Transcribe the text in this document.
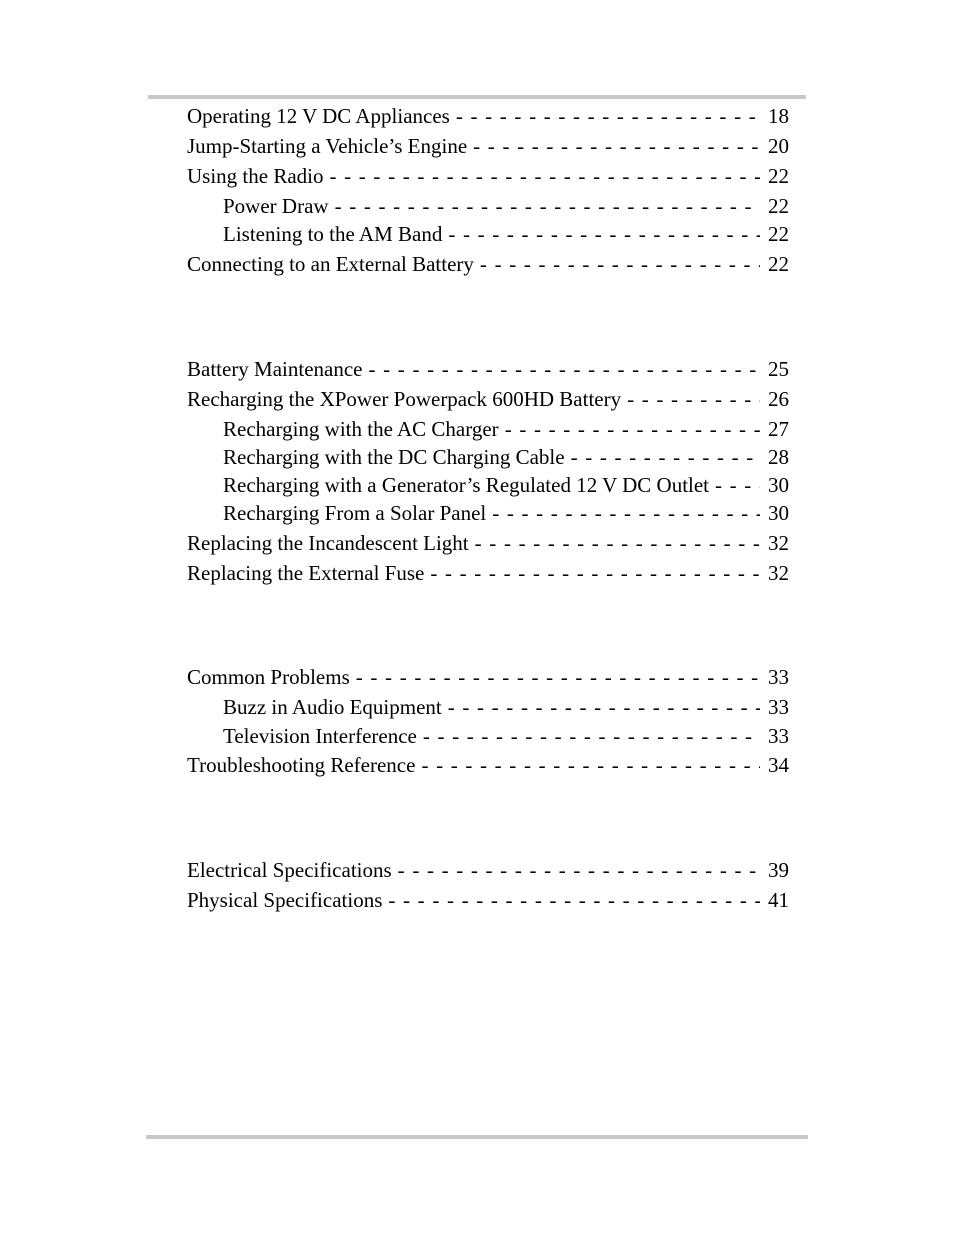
Operating 12 V DC Appliances - - -	18
Jump-Starting a Vehicle’s Engine - - -	20
Using the Radio - - -	22
Power Draw - - -	22
Listening to the AM Band - - -	22
Connecting to an External Battery - - -	22
Battery Maintenance - - -	25
Recharging the XPower Powerpack 600HD Battery - - -	26
Recharging with the AC Charger - - -	27
Recharging with the DC Charging Cable - - -	28
Recharging with a Generator’s Regulated 12 V DC Outlet - - -	30
Recharging From a Solar Panel - - -	30
Replacing the Incandescent Light - - -	32
Replacing the External Fuse - - -	32
Common Problems - - -	33
Buzz in Audio Equipment - - -	33
Television Interference - - -	33
Troubleshooting Reference - - -	34
Electrical Specifications - - -	39
Physical Specifications - - -	41
